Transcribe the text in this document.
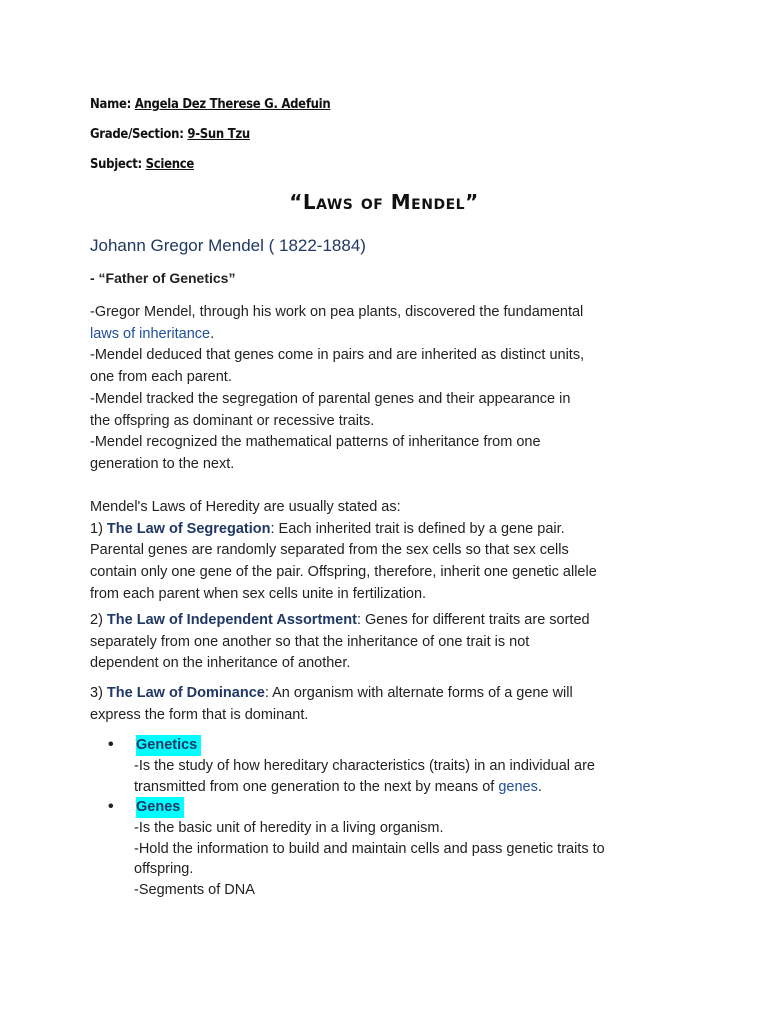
Name: Angela Dez Therese G. Adefuin
Grade/Section: 9-Sun Tzu
Subject: Science
“Laws of Mendel”
Johann Gregor Mendel ( 1822-1884)
- “Father of Genetics”
-Gregor Mendel, through his work on pea plants, discovered the fundamental
laws of inheritance.
-Mendel deduced that genes come in pairs and are inherited as distinct units,
one from each parent.
-Mendel tracked the segregation of parental genes and their appearance in
the offspring as dominant or recessive traits.
-Mendel recognized the mathematical patterns of inheritance from one
generation to the next.
Mendel's Laws of Heredity are usually stated as:
1) The Law of Segregation: Each inherited trait is defined by a gene pair.
Parental genes are randomly separated from the sex cells so that sex cells
contain only one gene of the pair. Offspring, therefore, inherit one genetic allele
from each parent when sex cells unite in fertilization.
2) The Law of Independent Assortment: Genes for different traits are sorted
separately from one another so that the inheritance of one trait is not
dependent on the inheritance of another.
3) The Law of Dominance: An organism with alternate forms of a gene will
express the form that is dominant.
• Genetics
-Is the study of how hereditary characteristics (traits) in an individual are
transmitted from one generation to the next by means of genes.
• Genes
-Is the basic unit of heredity in a living organism.
-Hold the information to build and maintain cells and pass genetic traits to
offspring.
-Segments of DNA
